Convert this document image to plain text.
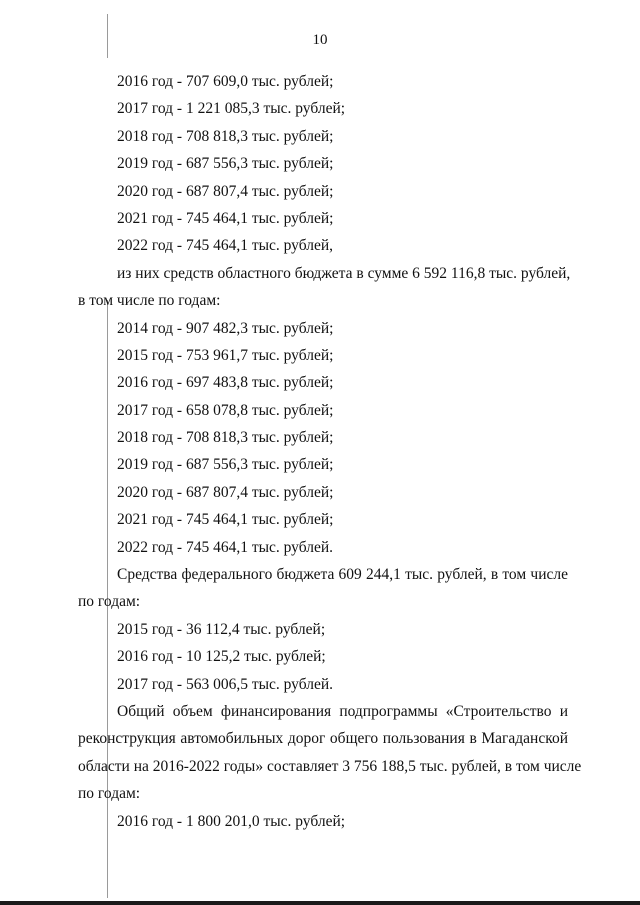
10

2016 год - 707 609,0 тыс. рублей;

2017 год - 1 221 085,3 тыс. рублей;

2018 год - 708 818,3 тыс. рублей;

2019 год - 687 556,3 тыс. рублей;

2020 год - 687 807,4 тыс. рублей;

2021 год - 745 464,1 тыс. рублей;

2022 год - 745 464,1 тыс. рублей,

из них средств областного бюджета в сумме 6 592 116,8 тыс. рублей,

в том числе по годам:

2014 год - 907 482,3 тыс. рублей;

2015 год - 753 961,7 тыс. рублей;

2016 год - 697 483,8 тыс. рублей;

2017 год - 658 078,8 тыс. рублей;

2018 год - 708 818,3 тыс. рублей;

2019 год - 687 556,3 тыс. рублей;

2020 год - 687 807,4 тыс. рублей;

2021 год - 745 464,1 тыс. рублей;

2022 год - 745 464,1 тыс. рублей.

Средства федерального бюджета 609 244,1 тыс. рублей, в том числе

по годам:

2015 год - 36 112,4 тыс. рублей;

2016 год - 10 125,2 тыс. рублей;

2017 год - 563 006,5 тыс. рублей.

Общий объем финансирования подпрограммы «Строительство и

реконструкция автомобильных дорог общего пользования в Магаданской

области на 2016-2022 годы» составляет 3 756 188,5 тыс. рублей, в том числе

по годам:

2016 год - 1 800 201,0 тыс. рублей;
